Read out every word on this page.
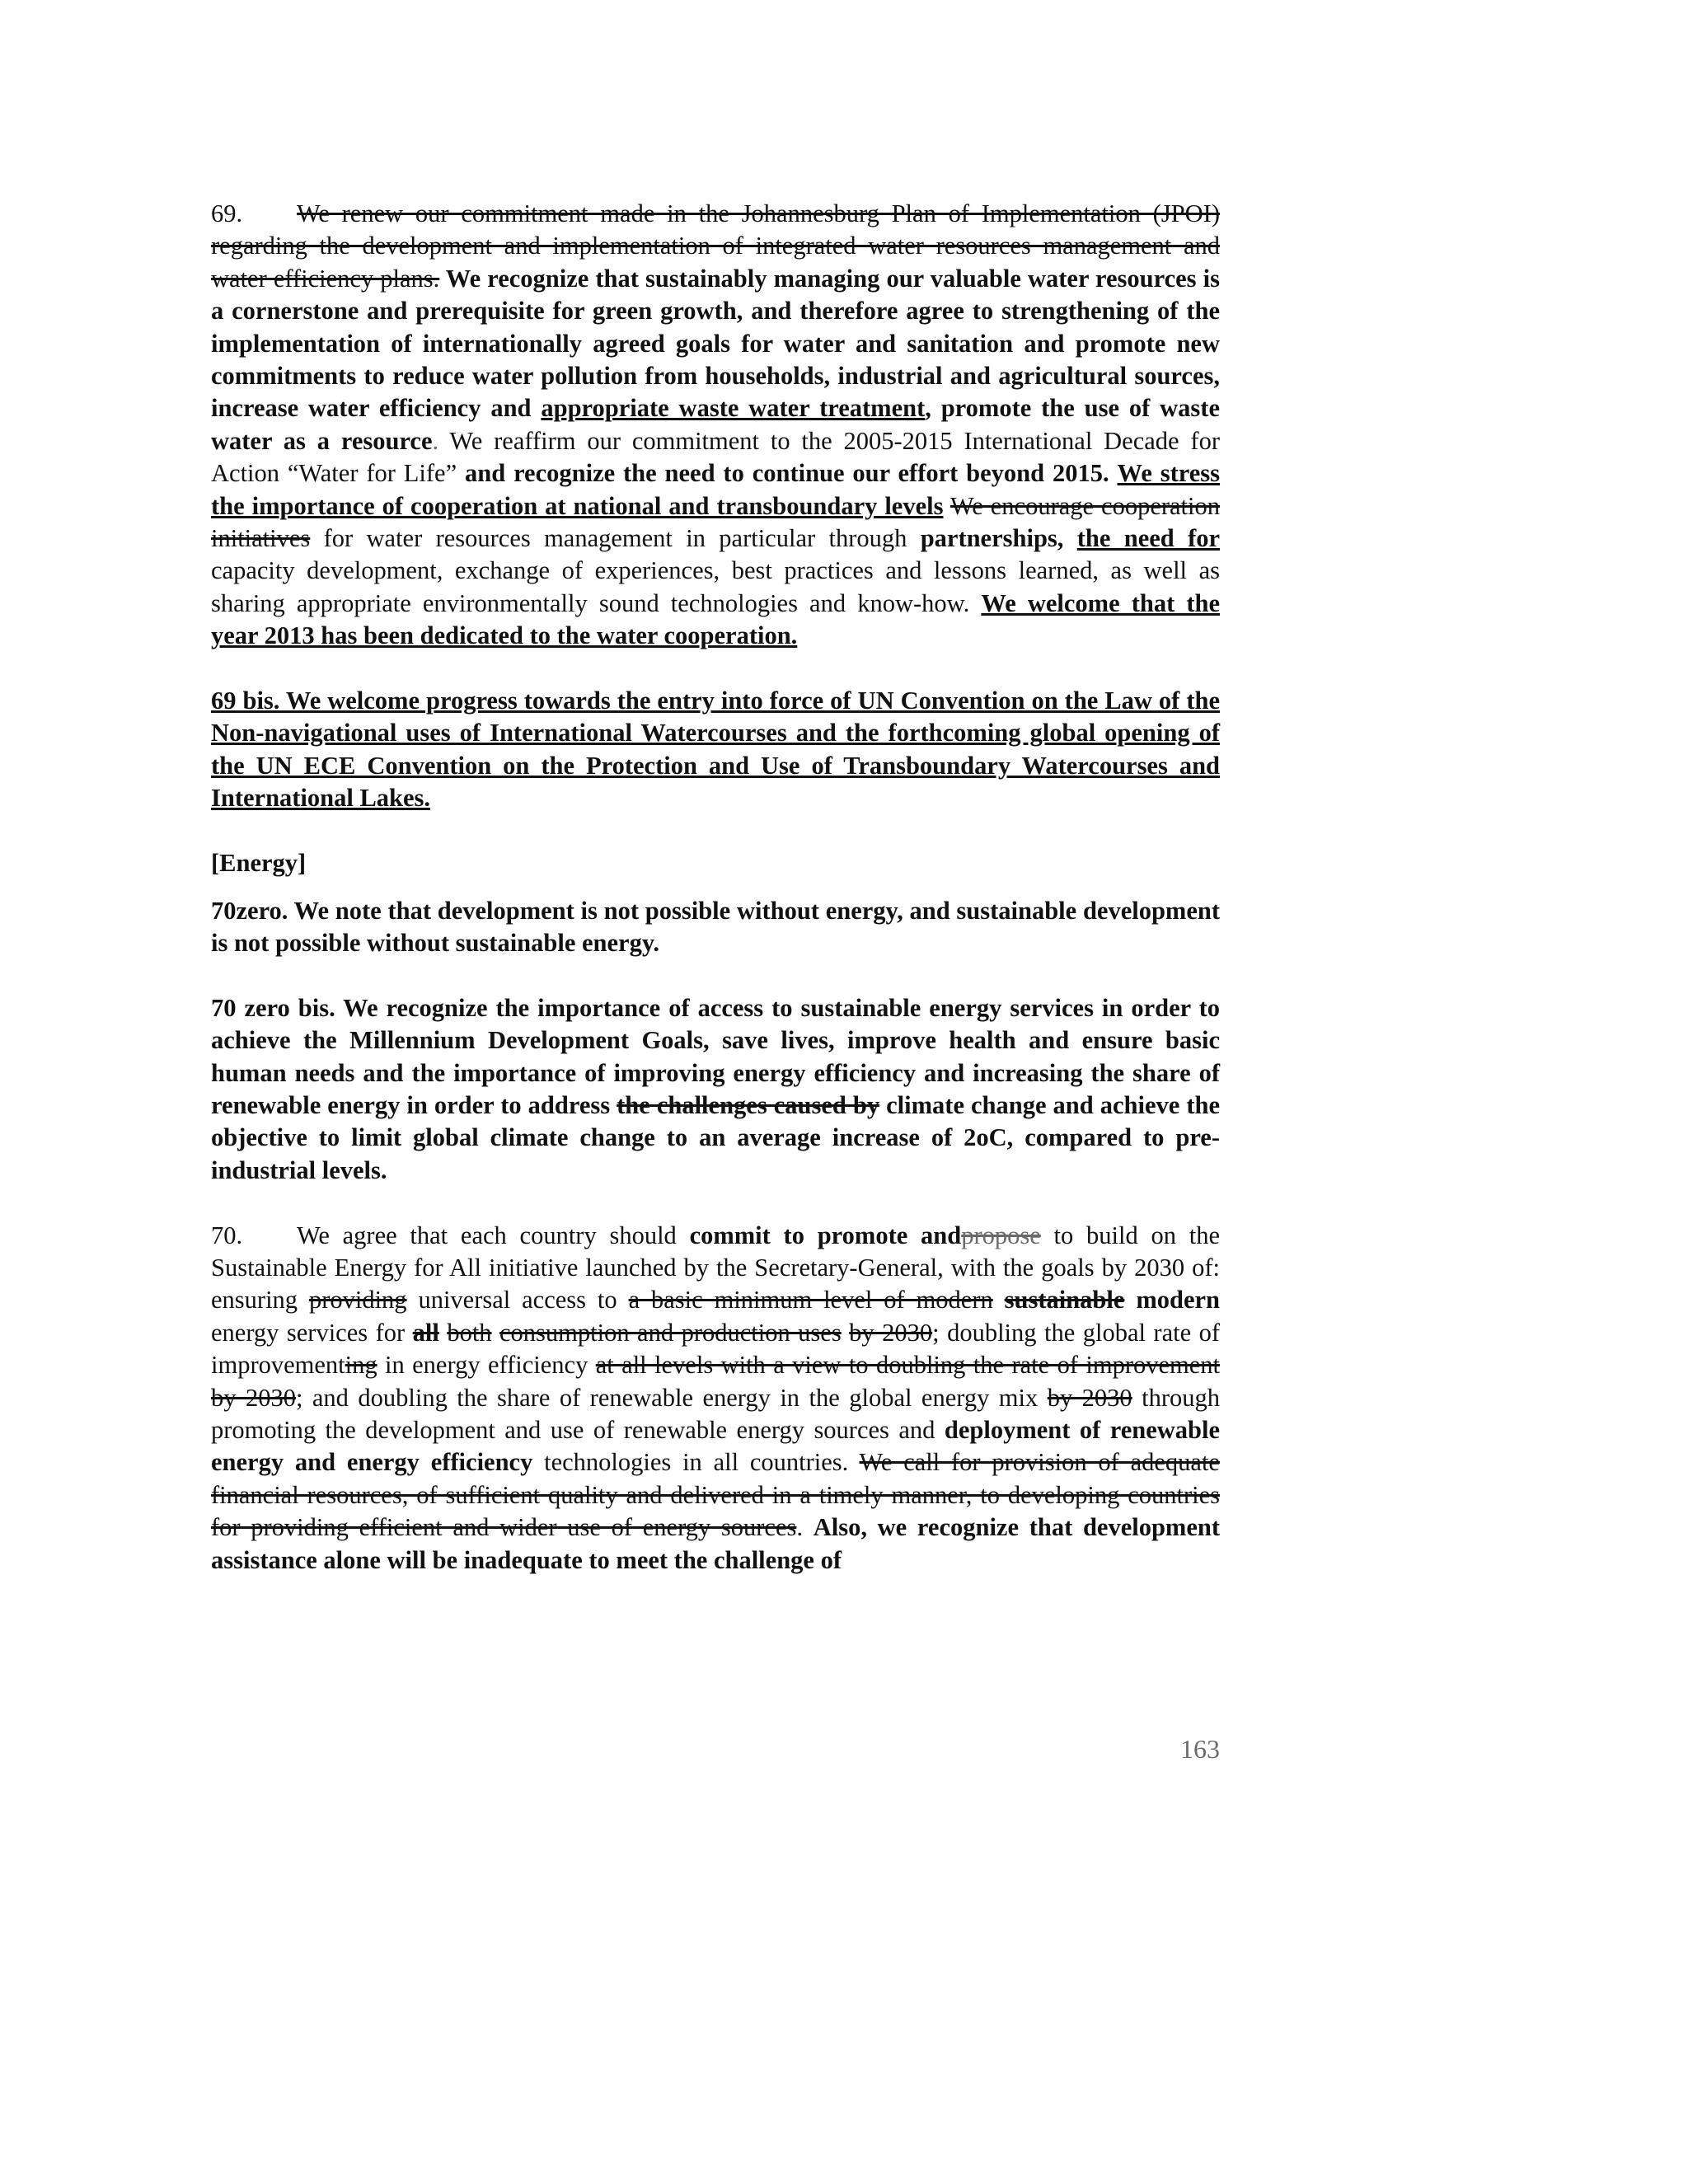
69. We renew our commitment made in the Johannesburg Plan of Implementation (JPOI) regarding the development and implementation of integrated water resources management and water efficiency plans. We recognize that sustainably managing our valuable water resources is a cornerstone and prerequisite for green growth, and therefore agree to strengthening of the implementation of internationally agreed goals for water and sanitation and promote new commitments to reduce water pollution from households, industrial and agricultural sources, increase water efficiency and appropriate waste water treatment, promote the use of waste water as a resource. We reaffirm our commitment to the 2005-2015 International Decade for Action “Water for Life” and recognize the need to continue our effort beyond 2015. We stress the importance of cooperation at national and transboundary levels We encourage cooperation initiatives for water resources management in particular through partnerships, the need for capacity development, exchange of experiences, best practices and lessons learned, as well as sharing appropriate environmentally sound technologies and know-how. We welcome that the year 2013 has been dedicated to the water cooperation.

69 bis. We welcome progress towards the entry into force of UN Convention on the Law of the Non-navigational uses of International Watercourses and the forthcoming global opening of the UN ECE Convention on the Protection and Use of Transboundary Watercourses and International Lakes.

[Energy]

70zero. We note that development is not possible without energy, and sustainable development is not possible without sustainable energy.

70 zero bis. We recognize the importance of access to sustainable energy services in order to achieve the Millennium Development Goals, save lives, improve health and ensure basic human needs and the importance of improving energy efficiency and increasing the share of renewable energy in order to address the challenges caused by climate change and achieve the objective to limit global climate change to an average increase of 2oC, compared to pre-industrial levels.

70. We agree that each country should commit to promote andpropose to build on the Sustainable Energy for All initiative launched by the Secretary-General, with the goals by 2030 of: ensuring providing universal access to a basic minimum level of modern sustainable modern energy services for all both consumption and production uses by 2030; doubling the global rate of improvementing in energy efficiency at all levels with a view to doubling the rate of improvement by 2030; and doubling the share of renewable energy in the global energy mix by 2030 through promoting the development and use of renewable energy sources and deployment of renewable energy and energy efficiency technologies in all countries. We call for provision of adequate financial resources, of sufficient quality and delivered in a timely manner, to developing countries for providing efficient and wider use of energy sources. Also, we recognize that development assistance alone will be inadequate to meet the challenge of

163
